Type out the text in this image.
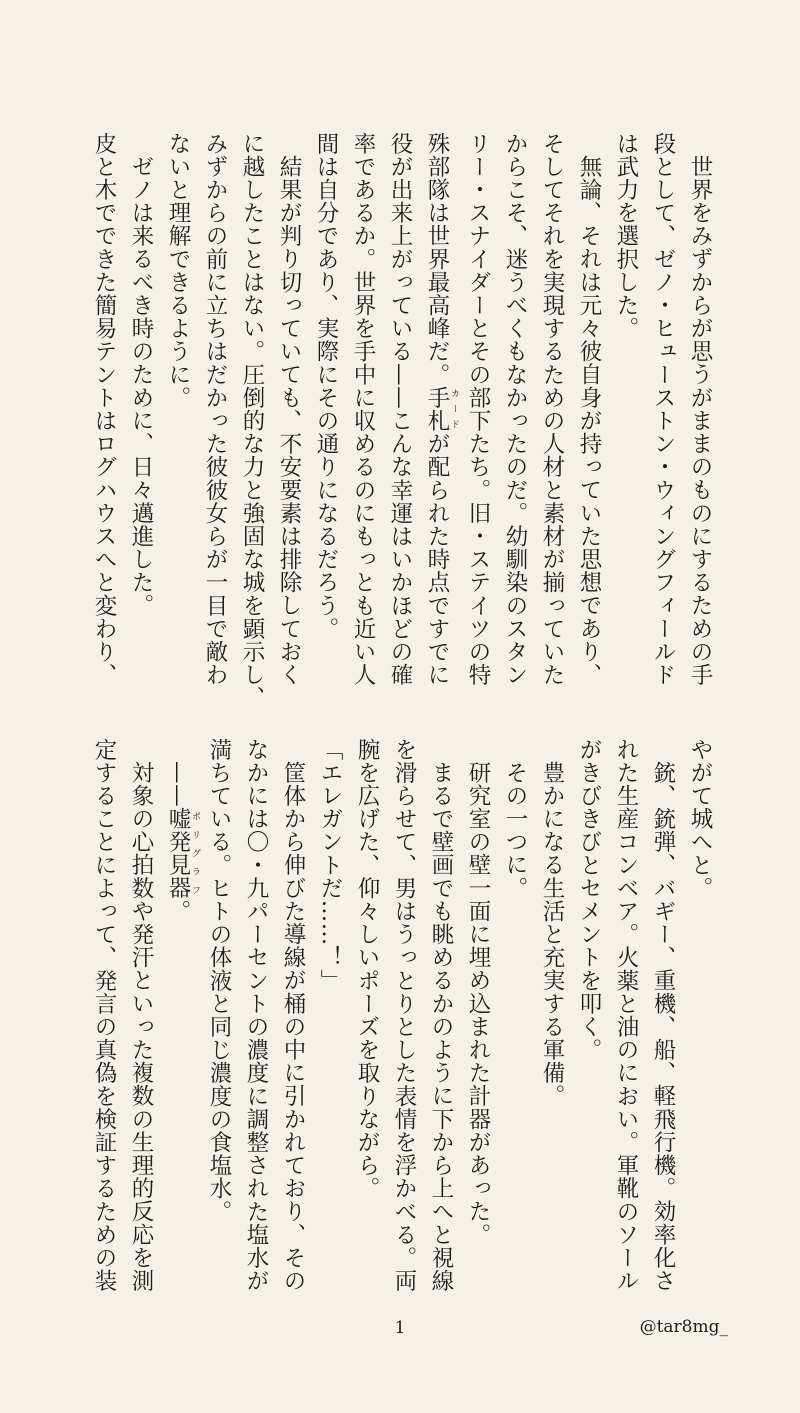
世界をみずからが思うがままのものにするための手
段として、ゼノ・ヒューストン・ウィングフィールド
は武力を選択した。

無論、それは元々彼自身が持っていた思想であり、
そしてそれを実現するための人材と素材が揃っていた
からこそ、迷うべくもなかったのだ。幼馴染のスタン
リー・スナイダーとその部下たち。旧・ステイツの特
殊部隊は世界最高峰だ。手札 カードが配られた時点ですでに
役が出来上がっている——こんな幸運はいかほどの確
率であるか。世界を手中に収めるのにもっとも近い人
間は自分であり、実際にその通りになるだろう。

結果が判り切っていても、不安要素は排除しておく
に越したことはない。圧倒的な力と強固な城を顕示し、
みずからの前に立ちはだかった彼彼女らが一目で敵わ
ないと理解できるように。

ゼノは来るべき時のために、日々邁進した。
皮と木でできた簡易テントはログハウスへと変わり、

やがて城へと。

銃、銃弾、バギー、重機、船、軽飛行機。効率化さ
れた生産コンベア。火薬と油のにおい。軍靴のソール
がきびきびとセメントを叩く。

豊かになる生活と充実する軍備。

その一つに。

研究室の壁一面に埋め込まれた計器があった。

まるで壁画でも眺めるかのように下から上へと視線
を滑らせて、男はうっとりとした表情を浮かべる。両
腕を広げた、仰々しいポーズを取りながら。

「エレガントだ……！」

筐体から伸びた導線が桶の中に引かれており、その
なかには〇・九パーセントの濃度に調整された塩水が
満ちている。ヒトの体液と同じ濃度の食塩水。

——嘘発見器 ポリグラフ。

対象の心拍数や発汗といった複数の生理的反応を測
定することによって、発言の真偽を検証するための装

1	@tar8mg_
